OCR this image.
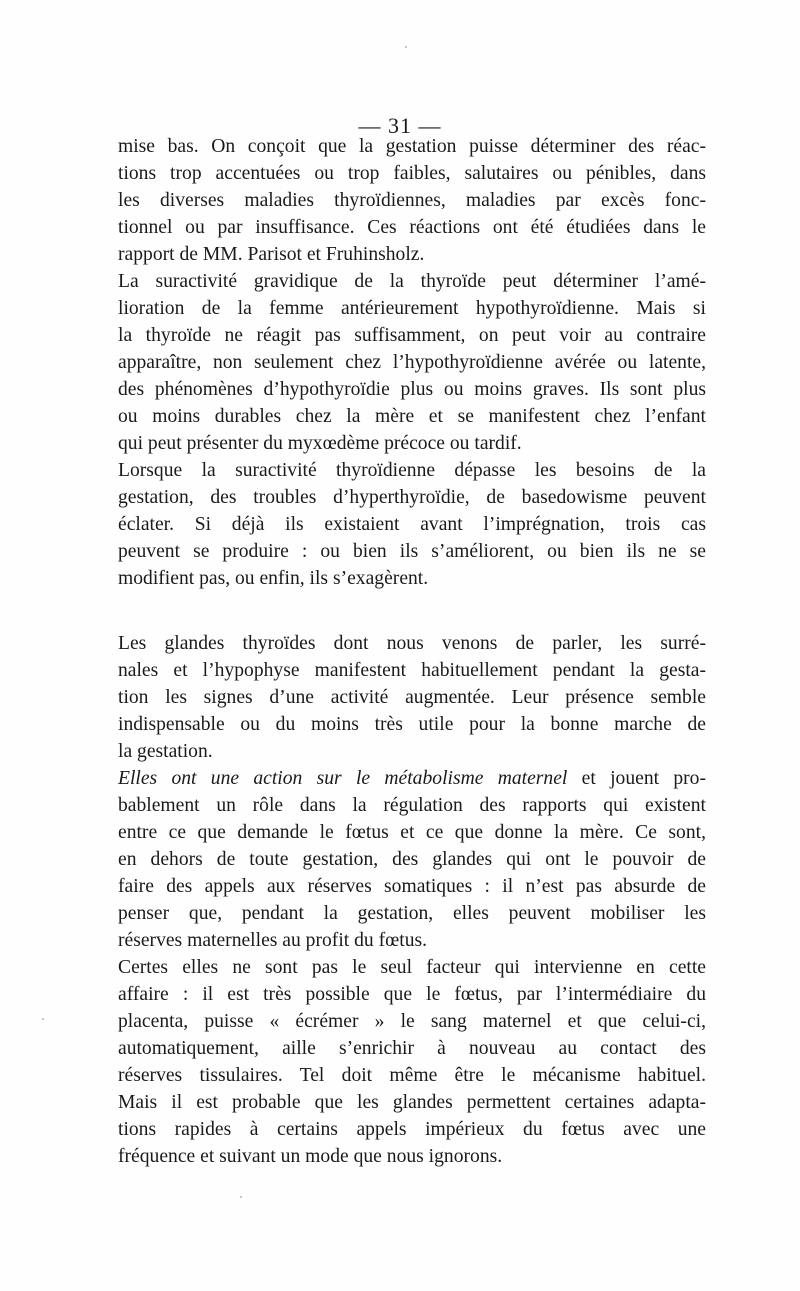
— 31 —

mise bas. On conçoit que la gestation puisse déterminer des réac-
tions trop accentuées ou trop faibles, salutaires ou pénibles, dans
les diverses maladies thyroïdiennes, maladies par excès fonc-
tionnel ou par insuffisance. Ces réactions ont été étudiées dans le
rapport de MM. Parisot et Fruhinsholz.

La suractivité gravidique de la thyroïde peut déterminer l’amé-
lioration de la femme antérieurement hypothyroïdienne. Mais si
la thyroïde ne réagit pas suffisamment, on peut voir au contraire
apparaître, non seulement chez l’hypothyroïdienne avérée ou latente,
des phénomènes d’hypothyroïdie plus ou moins graves. Ils sont plus
ou moins durables chez la mère et se manifestent chez l’enfant
qui peut présenter du myxœdème précoce ou tardif.

Lorsque la suractivité thyroïdienne dépasse les besoins de la
gestation, des troubles d’hyperthyroïdie, de basedowisme peuvent
éclater. Si déjà ils existaient avant l’imprégnation, trois cas
peuvent se produire : ou bien ils s’améliorent, ou bien ils ne se
modifient pas, ou enfin, ils s’exagèrent.

Les glandes thyroïdes dont nous venons de parler, les surré-
nales et l’hypophyse manifestent habituellement pendant la gesta-
tion les signes d’une activité augmentée. Leur présence semble
indispensable ou du moins très utile pour la bonne marche de
la gestation.

Elles ont une action sur le métabolisme maternel et jouent pro-
bablement un rôle dans la régulation des rapports qui existent
entre ce que demande le fœtus et ce que donne la mère. Ce sont,
en dehors de toute gestation, des glandes qui ont le pouvoir de
faire des appels aux réserves somatiques : il n’est pas absurde de
penser que, pendant la gestation, elles peuvent mobiliser les
réserves maternelles au profit du fœtus.

Certes elles ne sont pas le seul facteur qui intervienne en cette
affaire : il est très possible que le fœtus, par l’intermédiaire du
placenta, puisse « écrémer » le sang maternel et que celui-ci,
automatiquement, aille s’enrichir à nouveau au contact des
réserves tissulaires. Tel doit même être le mécanisme habituel.
Mais il est probable que les glandes permettent certaines adapta-
tions rapides à certains appels impérieux du fœtus avec une
fréquence et suivant un mode que nous ignorons.
